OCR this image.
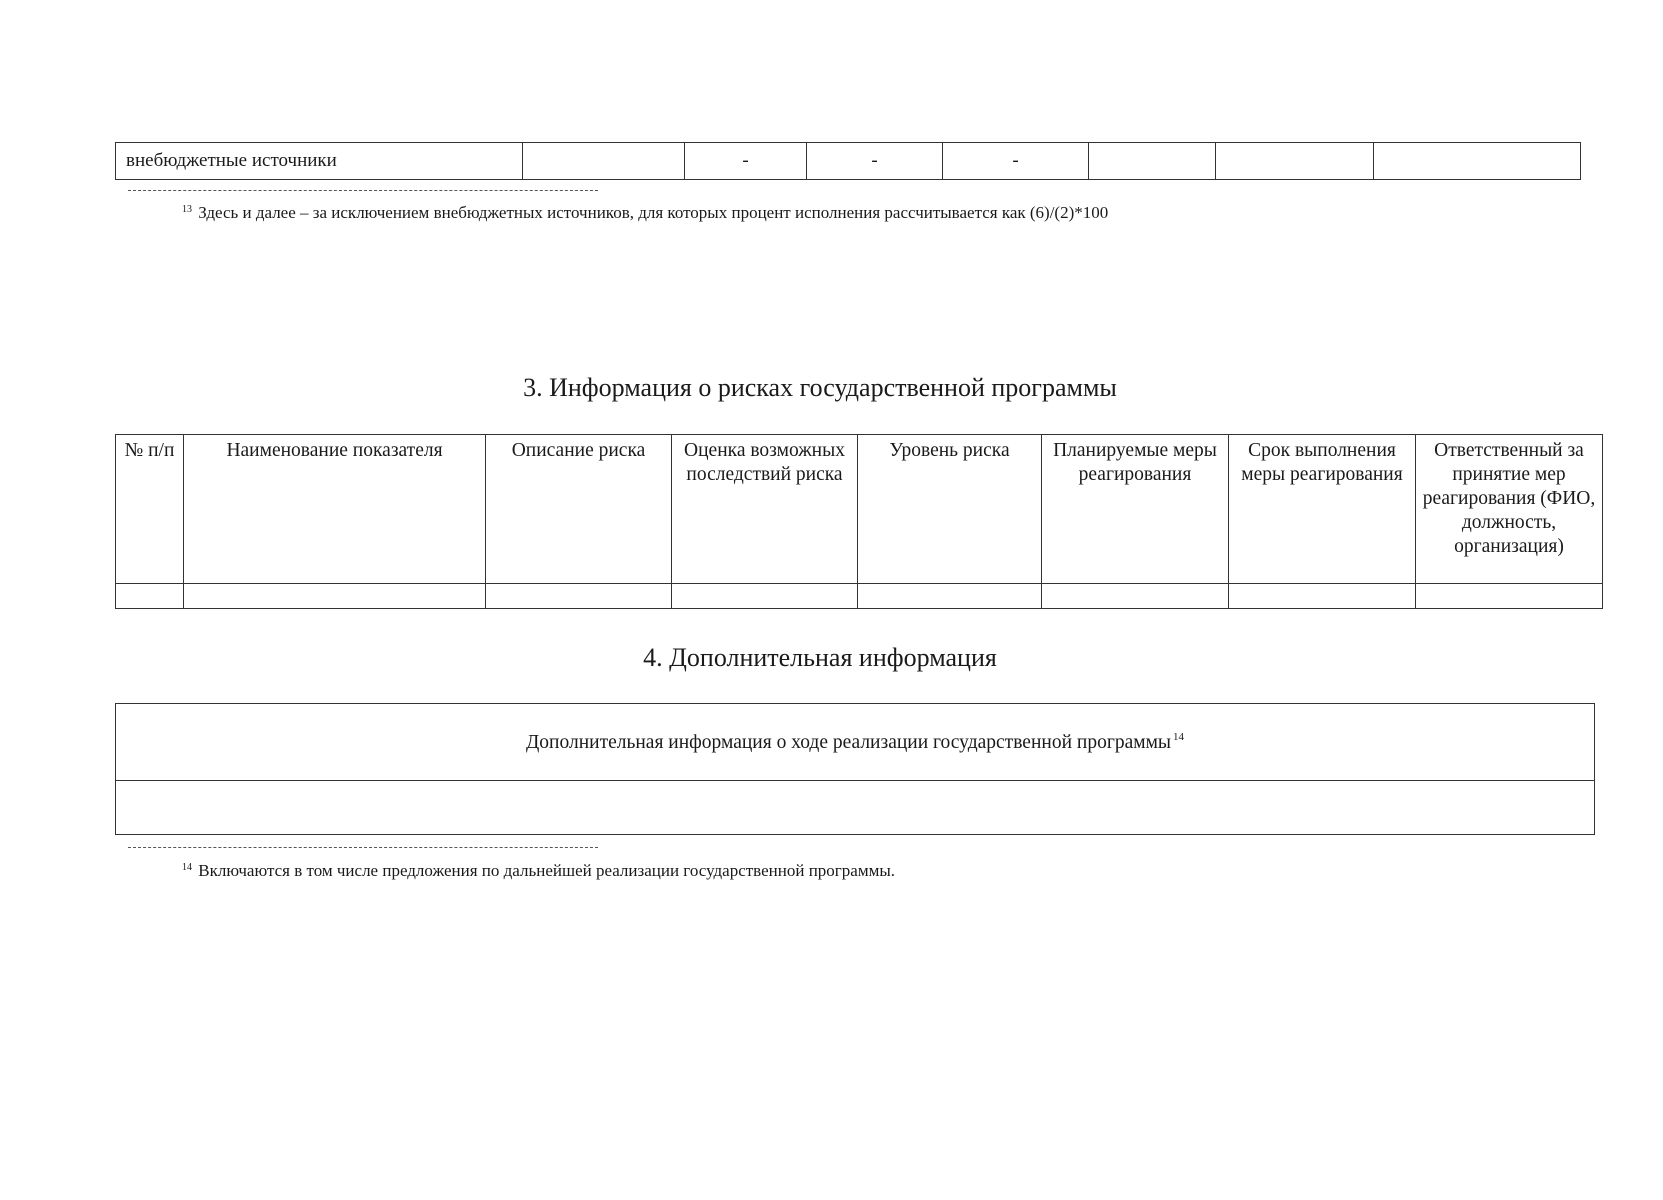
внебюджетные источники		-	-	-			
$^{13}$ Здесь и далее – за исключением внебюджетных источников, для которых процент исполнения рассчитывается как (6)/(2)*100
3. Информация о рисках государственной программы
№ п/п	Наименование показателя	Описание риска	Оценка возможных последствий риска	Уровень риска	Планируемые меры реагирования	Срок выполнения меры реагирования	Ответственный за принятие мер реагирования (ФИО, должность, организация)

4. Дополнительная информация
Дополнительная информация о ходе реализации государственной программы $^{14}$

$^{14}$ Включаются в том числе предложения по дальнейшей реализации государственной программы.
